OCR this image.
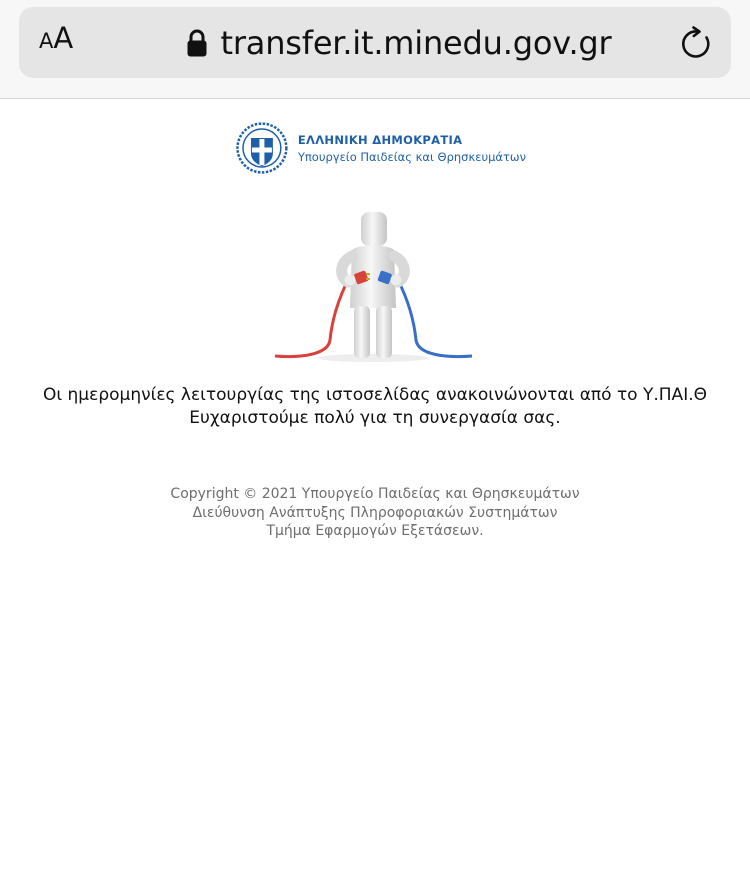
A A	transfer.it.minedu.gov.gr
ΕΛΛΗΝΙΚΗ ΔΗΜΟΚΡΑΤΙΑ
Υπουργείο Παιδείας και Θρησκευμάτων
Οι ημερομηνίες λειτουργίας της ιστοσελίδας ανακοινώνονται από το Υ.ΠΑΙ.Θ
Ευχαριστούμε πολύ για τη συνεργασία σας.
Copyright © 2021 Υπουργείο Παιδείας και Θρησκευμάτων
Διεύθυνση Ανάπτυξης Πληροφοριακών Συστημάτων
Τμήμα Εφαρμογών Εξετάσεων.
